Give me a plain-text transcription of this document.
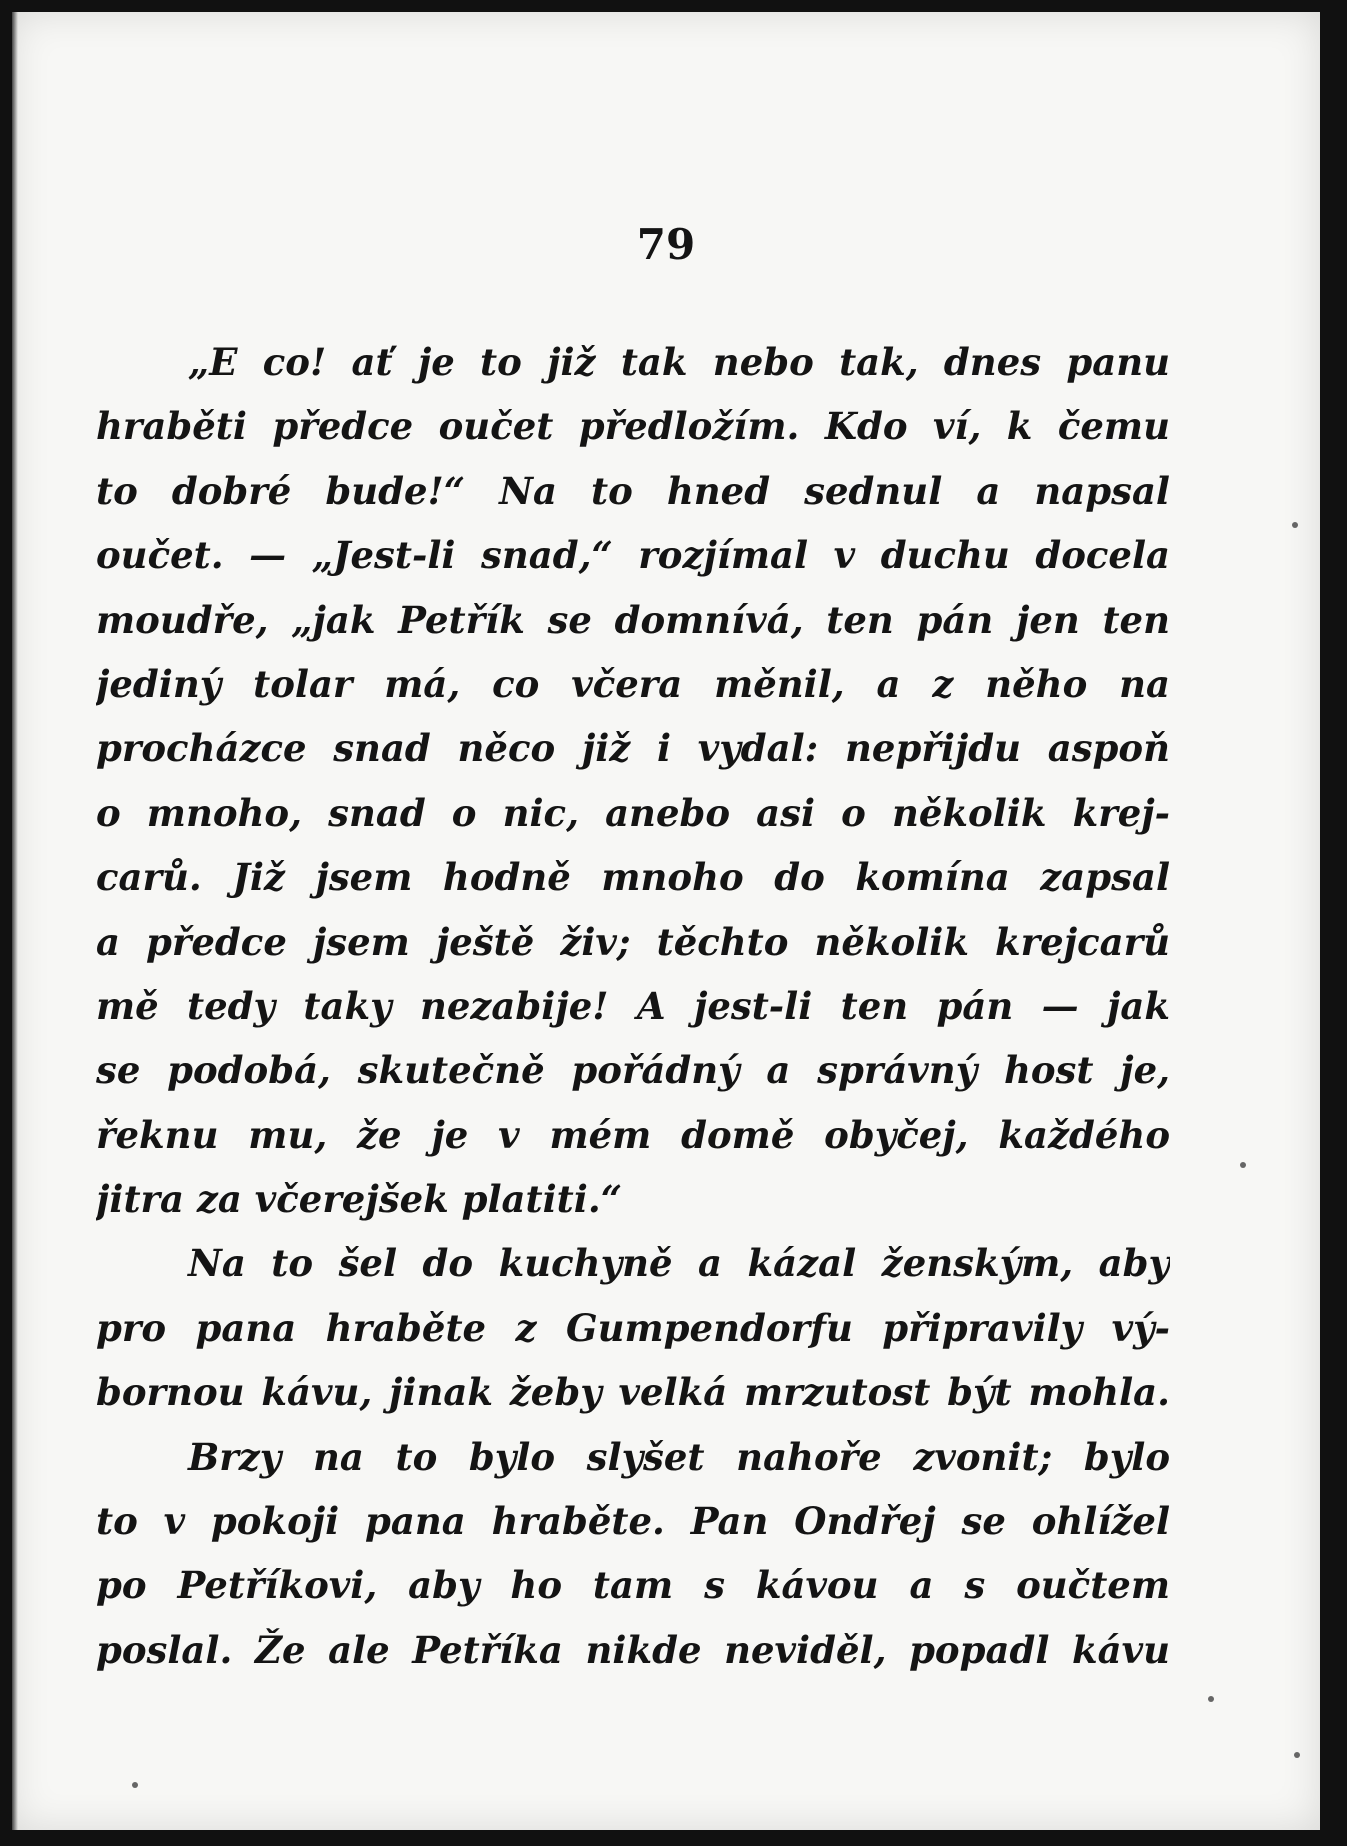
79
„E co! ať je to již tak nebo tak, dnes panu
hraběti předce oučet předložím. Kdo ví, k čemu
to dobré bude!“ Na to hned sednul a napsal
oučet. — „Jest-li snad,“ rozjímal v duchu docela
moudře, „jak Petřík se domnívá, ten pán jen ten
jediný tolar má, co včera měnil, a z něho na
procházce snad něco již i vydal: nepřijdu aspoň
o mnoho, snad o nic, anebo asi o několik krej-
carů. Již jsem hodně mnoho do komína zapsal
a předce jsem ještě živ; těchto několik krejcarů
mě tedy taky nezabije! A jest-li ten pán — jak
se podobá, skutečně pořádný a správný host je,
řeknu mu, že je v mém domě obyčej, každého
jitra za včerejšek platiti.“
Na to šel do kuchyně a kázal ženským, aby
pro pana hraběte z Gumpendorfu připravily vý-
bornou kávu, jinak žeby velká mrzutost být mohla.
Brzy na to bylo slyšet nahoře zvonit; bylo
to v pokoji pana hraběte. Pan Ondřej se ohlížel
po Petříkovi, aby ho tam s kávou a s oučtem
poslal. Že ale Petříka nikde neviděl, popadl kávu
